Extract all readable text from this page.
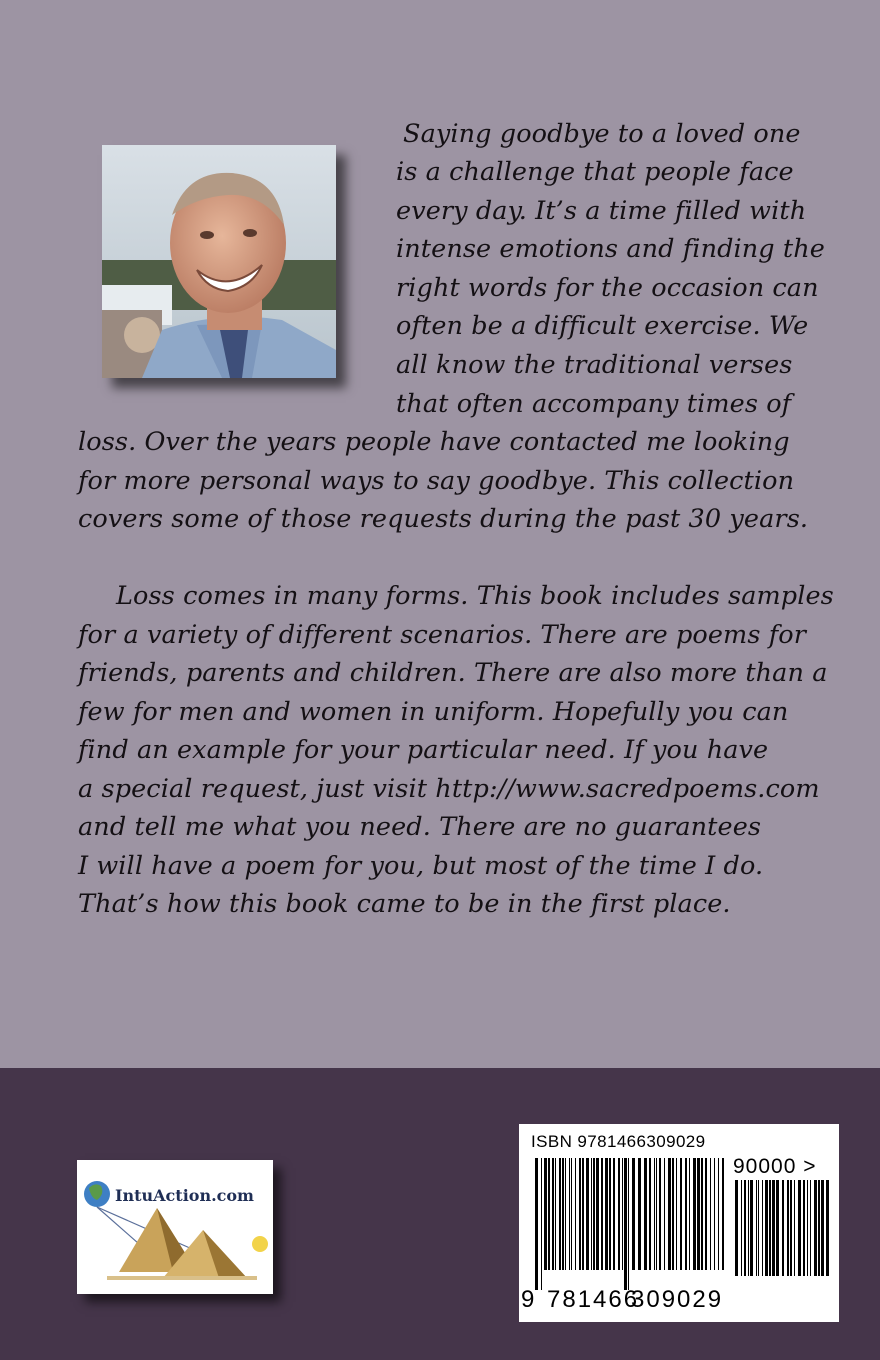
Saying goodbye to a loved one
is a challenge that people face
every day. It’s a time filled with
intense emotions and finding the
right words for the occasion can
often be a difficult exercise. We
all know the traditional verses
that often accompany times of
loss. Over the years people have contacted me looking
for more personal ways to say goodbye. This collection
covers some of those requests during the past 30 years.
Loss comes in many forms. This book includes samples
for a variety of different scenarios. There are poems for
friends, parents and children. There are also more than a
few for men and women in uniform. Hopefully you can
find an example for your particular need. If you have
a special request, just visit http://www.sacredpoems.com
and tell me what you need. There are no guarantees
I will have a poem for you, but most of the time I do.
That’s how this book came to be in the first place.
IntuAction.com
ISBN 9781466309029
90000 >
9 781466
309029
